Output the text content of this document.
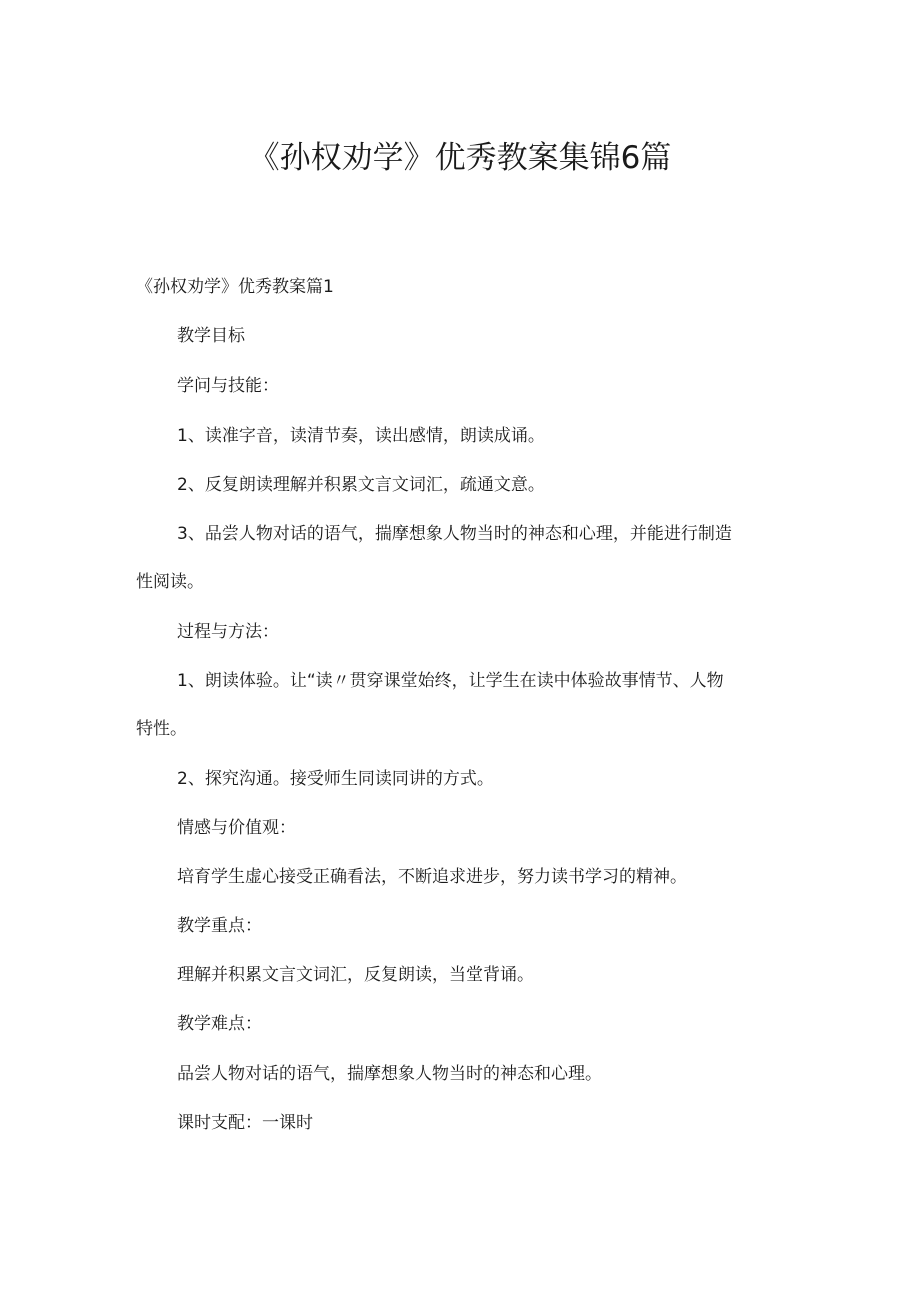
《孙权劝学》优秀教案集锦6篇
《孙权劝学》优秀教案篇1
教学目标
学问与技能：
1、读准字音，读清节奏，读出感情，朗读成诵。
2、反复朗读理解并积累文言文词汇，疏通文意。
3、品尝人物对话的语气，揣摩想象人物当时的神态和心理，并能进行制造
性阅读。
过程与方法：
1、朗读体验。让“读〃贯穿课堂始终，让学生在读中体验故事情节、人物
特性。
2、探究沟通。接受师生同读同讲的方式。
情感与价值观：
培育学生虚心接受正确看法，不断追求进步，努力读书学习的精神。
教学重点：
理解并积累文言文词汇，反复朗读，当堂背诵。
教学难点：
品尝人物对话的语气，揣摩想象人物当时的神态和心理。
课时支配：一课时
